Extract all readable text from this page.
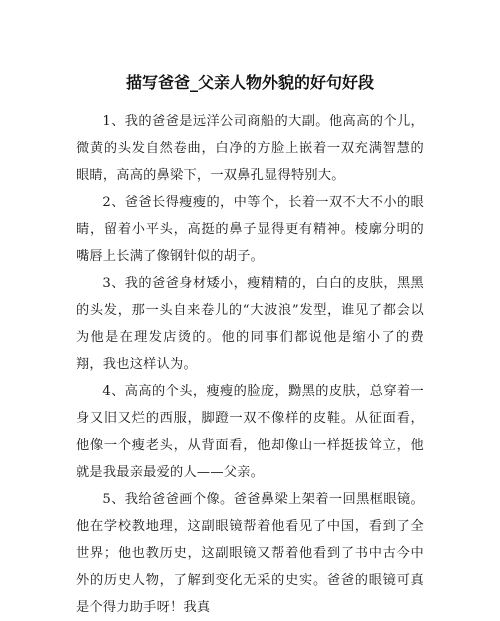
描写爸爸_父亲人物外貌的好句好段

1、我的爸爸是远洋公司商船的大副。他高高的个儿，微黄的头发自然卷曲，白净的方脸上嵌着一双充满智慧的眼睛，高高的鼻梁下，一双鼻孔显得特别大。

2、爸爸长得瘦瘦的，中等个，长着一双不大不小的眼睛，留着小平头，高挺的鼻子显得更有精神。棱廓分明的嘴唇上长满了像钢针似的胡子。

3、我的爸爸身材矮小，瘦精精的，白白的皮肤，黑黑的头发，那一头自来卷儿的“大波浪”发型，谁见了都会以为他是在理发店烫的。他的同事们都说他是缩小了的费翔，我也这样认为。

4、高高的个头，瘦瘦的脸庞，黝黑的皮肤，总穿着一身又旧又烂的西服，脚蹬一双不像样的皮鞋。从征面看，他像一个瘦老头，从背面看，他却像山一样挺拔耸立，他就是我最亲最爱的人——父亲。

5、我给爸爸画个像。爸爸鼻梁上架着一回黑框眼镜。他在学校教地理，这副眼镜帮着他看见了中国，看到了全世界；他也教历史，这副眼镜又帮着他看到了书中古今中外的历史人物，了解到变化无采的史实。爸爸的眼镜可真是个得力助手呀！我真
